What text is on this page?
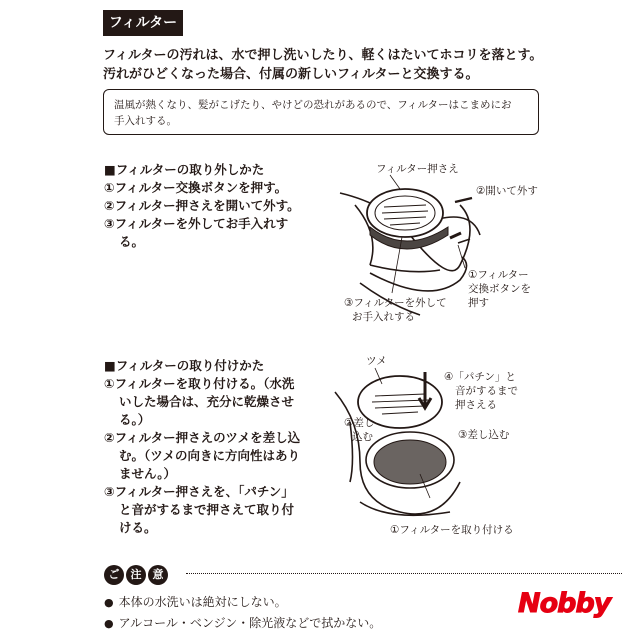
フィルター
フィルターの汚れは、水で押し洗いしたり、軽くはたいてホコリを落とす。
汚れがひどくなった場合、付属の新しいフィルターと交換する。
温風が熱くなり、髪がこげたり、やけどの恐れがあるので、フィルターはこまめにお
手入れする。
■フィルターの取り外しかた
①フィルター交換ボタンを押す。
②フィルター押さえを開いて外す。
③フィルターを外してお手入れする。
フィルター押さえ
②開いて外す
①フィルター
交換ボタンを
押す
③フィルターを外して
お手入れする
■フィルターの取り付けかた
①フィルターを取り付ける。（水洗いした場合は、充分に乾燥させる。）
②フィルター押さえのツメを差し込む。（ツメの向きに方向性はありません。）
③フィルター押さえを、「パチン」と音がするまで押さえて取り付ける。
ツメ
④「パチン」と
音がするまで
押さえる
②差し
込む	③差し込む
①フィルターを取り付ける
ご 注 意
● 本体の水洗いは絶対にしない。
● アルコール・ベンジン・除光液などで拭かない。
Nobby
